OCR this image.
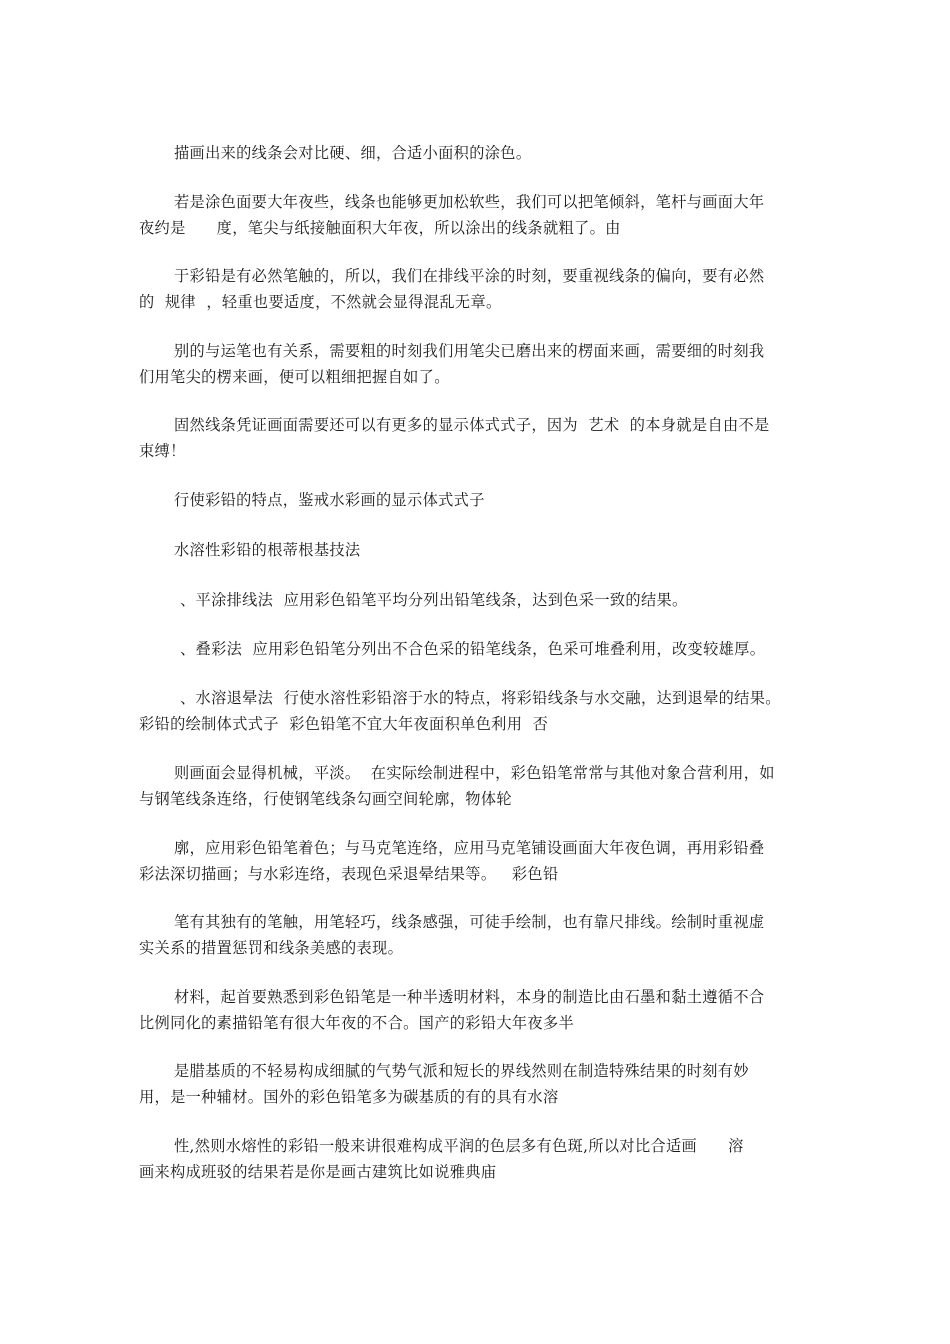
描画出来的线条会对比硬、细，合适小面积的涂色。
若是涂色面要大年夜些，线条也能够更加松软些，我们可以把笔倾斜，笔杆与画面大年
夜约是      度，笔尖与纸接触面积大年夜，所以涂出的线条就粗了。由
于彩铅是有必然笔触的，所以，我们在排线平涂的时刻，要重视线条的偏向，要有必然
的  规律  ，轻重也要适度，不然就会显得混乱无章。
别的与运笔也有关系，需要粗的时刻我们用笔尖已磨出来的楞面来画，需要细的时刻我
们用笔尖的楞来画，便可以粗细把握自如了。
固然线条凭证画面需要还可以有更多的显示体式式子，因为  艺术  的本身就是自由不是
束缚！
行使彩铅的特点，鉴戒水彩画的显示体式式子
水溶性彩铅的根蒂根基技法
、平涂排线法  应用彩色铅笔平均分列出铅笔线条，达到色采一致的结果。
、叠彩法  应用彩色铅笔分列出不合色采的铅笔线条，色采可堆叠利用，改变较雄厚。
、水溶退晕法  行使水溶性彩铅溶于水的特点，将彩铅线条与水交融，达到退晕的结果。
彩铅的绘制体式式子  彩色铅笔不宜大年夜面积单色利用  否
则画面会显得机械，平淡。  在实际绘制进程中，彩色铅笔常常与其他对象合营利用，如
与钢笔线条连络，行使钢笔线条勾画空间轮廓，物体轮
廓，应用彩色铅笔着色；与马克笔连络，应用马克笔铺设画面大年夜色调，再用彩铅叠
彩法深切描画；与水彩连络，表现色采退晕结果等。   彩色铅
笔有其独有的笔触，用笔轻巧，线条感强，可徒手绘制，也有靠尺排线。绘制时重视虚
实关系的措置惩罚和线条美感的表现。
材料，起首要熟悉到彩色铅笔是一种半透明材料，本身的制造比由石墨和黏土遵循不合
比例同化的素描铅笔有很大年夜的不合。国产的彩铅大年夜多半
是腊基质的不轻易构成细腻的气势气派和短长的界线然则在制造特殊结果的时刻有妙
用，是一种辅材。国外的彩色铅笔多为碳基质的有的具有水溶
性,然则水熔性的彩铅一般来讲很难构成平润的色层多有色斑,所以对比合适画      溶
画来构成班驳的结果若是你是画古建筑比如说雅典庙
